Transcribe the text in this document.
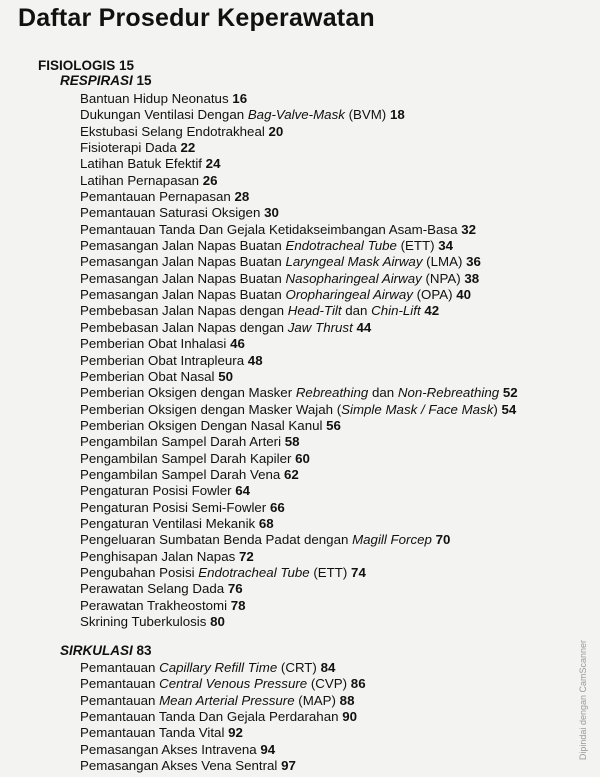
Daftar Prosedur Keperawatan
FISIOLOGIS 15
RESPIRASI 15
Bantuan Hidup Neonatus 16
Dukungan Ventilasi Dengan Bag-Valve-Mask (BVM) 18
Ekstubasi Selang Endotrakheal 20
Fisioterapi Dada 22
Latihan Batuk Efektif 24
Latihan Pernapasan 26
Pemantauan Pernapasan 28
Pemantauan Saturasi Oksigen 30
Pemantauan Tanda Dan Gejala Ketidakseimbangan Asam-Basa 32
Pemasangan Jalan Napas Buatan Endotracheal Tube (ETT) 34
Pemasangan Jalan Napas Buatan Laryngeal Mask Airway (LMA) 36
Pemasangan Jalan Napas Buatan Nasopharingeal Airway (NPA) 38
Pemasangan Jalan Napas Buatan Oropharingeal Airway (OPA) 40
Pembebasan Jalan Napas dengan Head-Tilt dan Chin-Lift 42
Pembebasan Jalan Napas dengan Jaw Thrust 44
Pemberian Obat Inhalasi 46
Pemberian Obat Intrapleura 48
Pemberian Obat Nasal 50
Pemberian Oksigen dengan Masker Rebreathing dan Non-Rebreathing 52
Pemberian Oksigen dengan Masker Wajah (Simple Mask / Face Mask) 54
Pemberian Oksigen Dengan Nasal Kanul 56
Pengambilan Sampel Darah Arteri 58
Pengambilan Sampel Darah Kapiler 60
Pengambilan Sampel Darah Vena 62
Pengaturan Posisi Fowler 64
Pengaturan Posisi Semi-Fowler 66
Pengaturan Ventilasi Mekanik 68
Pengeluaran Sumbatan Benda Padat dengan Magill Forcep 70
Penghisapan Jalan Napas 72
Pengubahan Posisi Endotracheal Tube (ETT) 74
Perawatan Selang Dada 76
Perawatan Trakheostomi 78
Skrining Tuberkulosis 80
SIRKULASI 83
Pemantauan Capillary Refill Time (CRT) 84
Pemantauan Central Venous Pressure (CVP) 86
Pemantauan Mean Arterial Pressure (MAP) 88
Pemantauan Tanda Dan Gejala Perdarahan 90
Pemantauan Tanda Vital 92
Pemasangan Akses Intravena 94
Pemasangan Akses Vena Sentral 97
Dipindai dengan CamScanner
